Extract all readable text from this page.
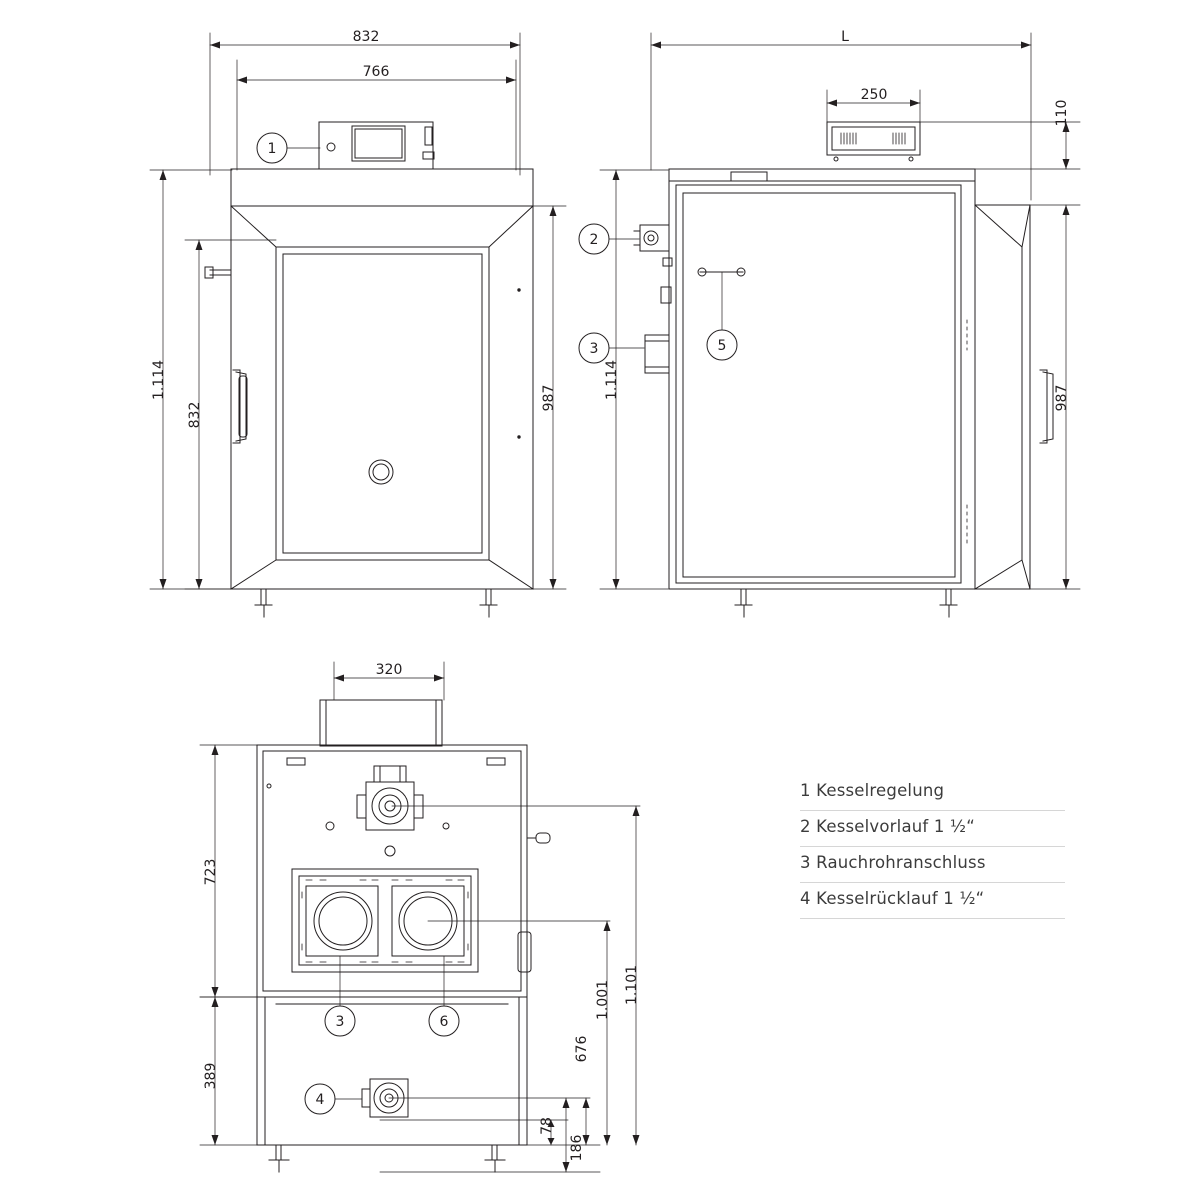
832
766
1.114
832
987
L
250
110
1.114	987
320
723
389
1.001 1.101
676
78
186
1
2
3	5
3	6
4
1 Kesselregelung
2 Kesselvorlauf 1 ½“
3 Rauchrohranschluss
4 Kesselrücklauf 1 ½“
